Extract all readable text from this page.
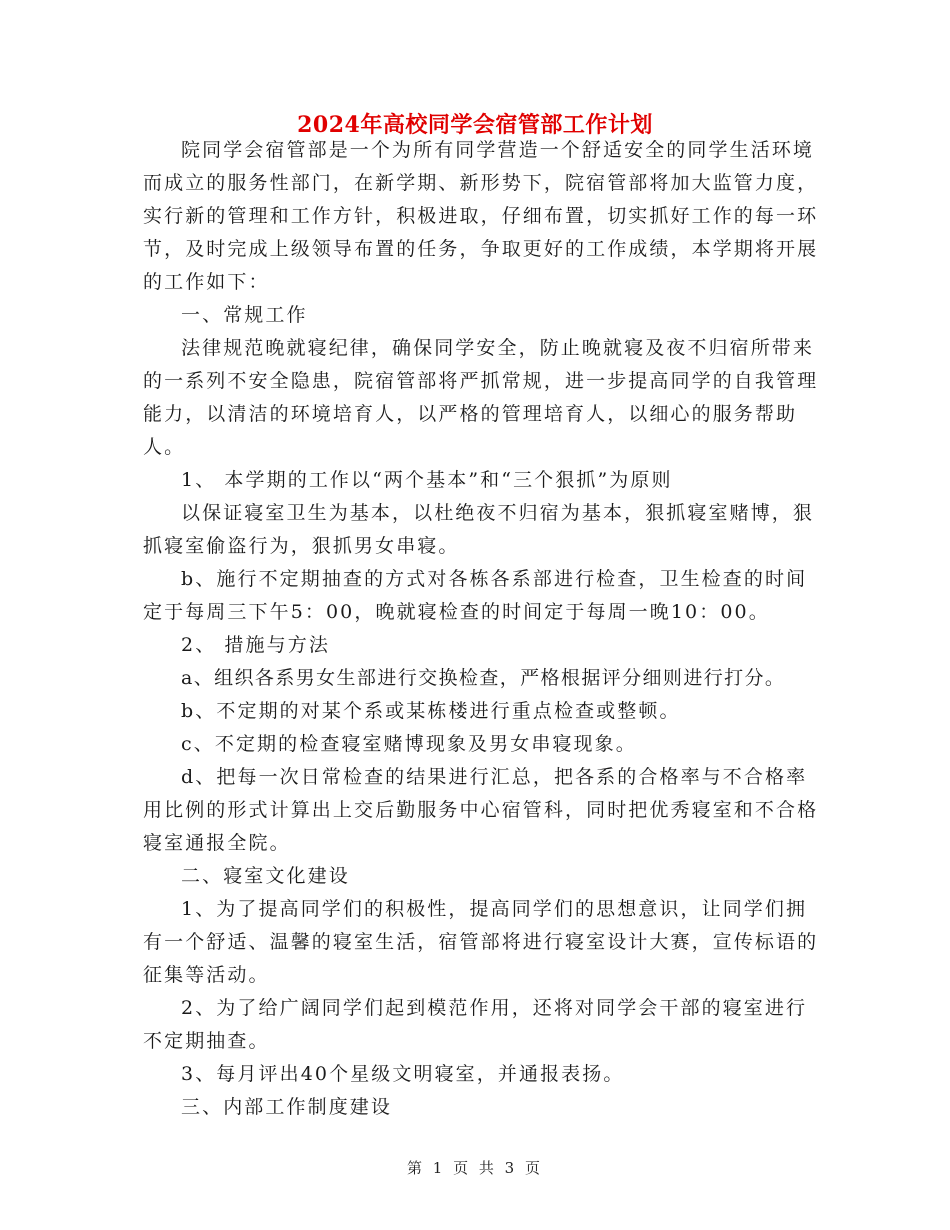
2024年高校同学会宿管部工作计划

院同学会宿管部是一个为所有同学营造一个舒适安全的同学生活环境而成立的服务性部门，在新学期、新形势下，院宿管部将加大监管力度，实行新的管理和工作方针，积极进取，仔细布置，切实抓好工作的每一环节，及时完成上级领导布置的任务，争取更好的工作成绩，本学期将开展的工作如下：

一、常规工作

法律规范晚就寝纪律，确保同学安全，防止晚就寝及夜不归宿所带来的一系列不安全隐患，院宿管部将严抓常规，进一步提高同学的自我管理能力，以清洁的环境培育人，以严格的管理培育人，以细心的服务帮助人。

1、 本学期的工作以“两个基本”和“三个狠抓”为原则

以保证寝室卫生为基本，以杜绝夜不归宿为基本，狠抓寝室赌博，狠抓寝室偷盗行为，狠抓男女串寝。

b、施行不定期抽查的方式对各栋各系部进行检查，卫生检查的时间定于每周三下午5：00，晚就寝检查的时间定于每周一晚10：00。

2、 措施与方法

a、组织各系男女生部进行交换检查，严格根据评分细则进行打分。

b、不定期的对某个系或某栋楼进行重点检查或整顿。

c、不定期的检查寝室赌博现象及男女串寝现象。

d、把每一次日常检查的结果进行汇总，把各系的合格率与不合格率用比例的形式计算出上交后勤服务中心宿管科，同时把优秀寝室和不合格寝室通报全院。

二、寝室文化建设

1、为了提高同学们的积极性，提高同学们的思想意识，让同学们拥有一个舒适、温馨的寝室生活，宿管部将进行寝室设计大赛，宣传标语的征集等活动。

2、为了给广阔同学们起到模范作用，还将对同学会干部的寝室进行不定期抽查。

3、每月评出40个星级文明寝室，并通报表扬。

三、内部工作制度建设

第 1 页 共 3 页
